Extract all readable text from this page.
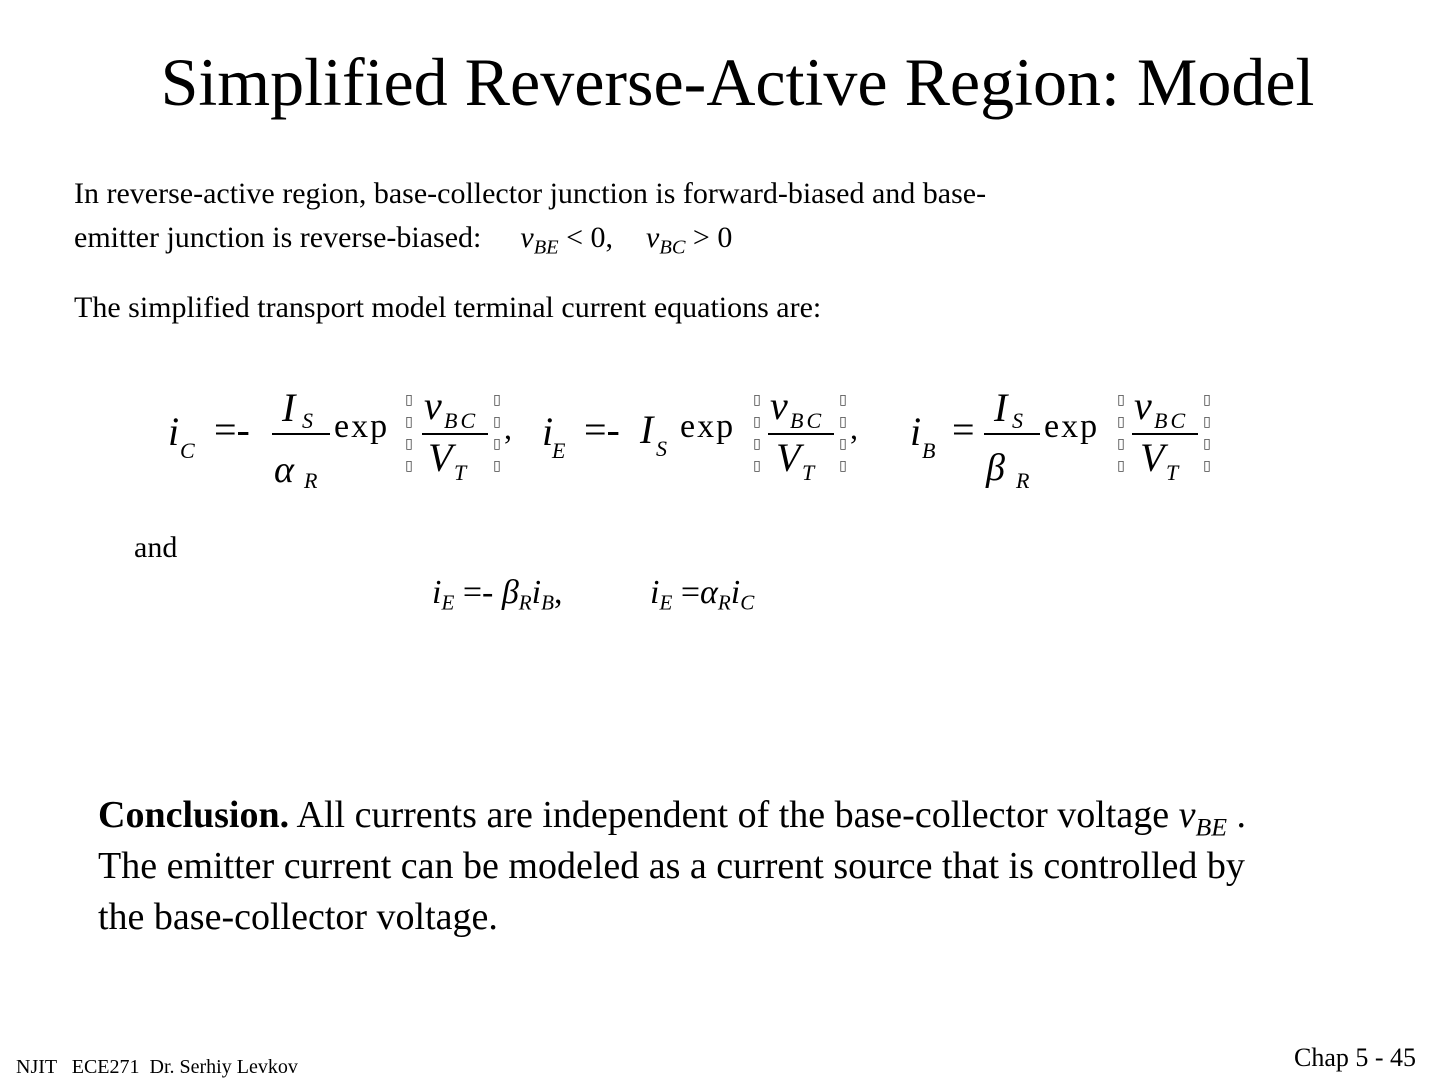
Simplified Reverse-Active Region: Model
In reverse-active region, base-collector junction is forward-biased and base-
emitter junction is reverse-biased: $v_{BE} < 0$, $v_{BC} > 0$
The simplified transport model terminal current equations are:
i C =- I S
α R
exp
▯
▯
▯
▯
v BC
V T
▯
▯
▯
▯
, i
E =- I S
exp
▯
▯
▯
▯
v BC
V T
▯
▯
▯
▯
, i B = I S
β R
exp
▯
▯
▯
▯
v BC
V T
▯
▯
▯
▯
and
$i_E =- \beta_Ri_B$,	$i_E =\alpha_Ri_C$
Conclusion. All currents are independent of the base-collector voltage $v_{BE}$ .
The emitter current can be modeled as a current source that is controlled by
the base-collector voltage.
NJIT   ECE271  Dr. Serhiy Levkov	Chap 5 - 45
